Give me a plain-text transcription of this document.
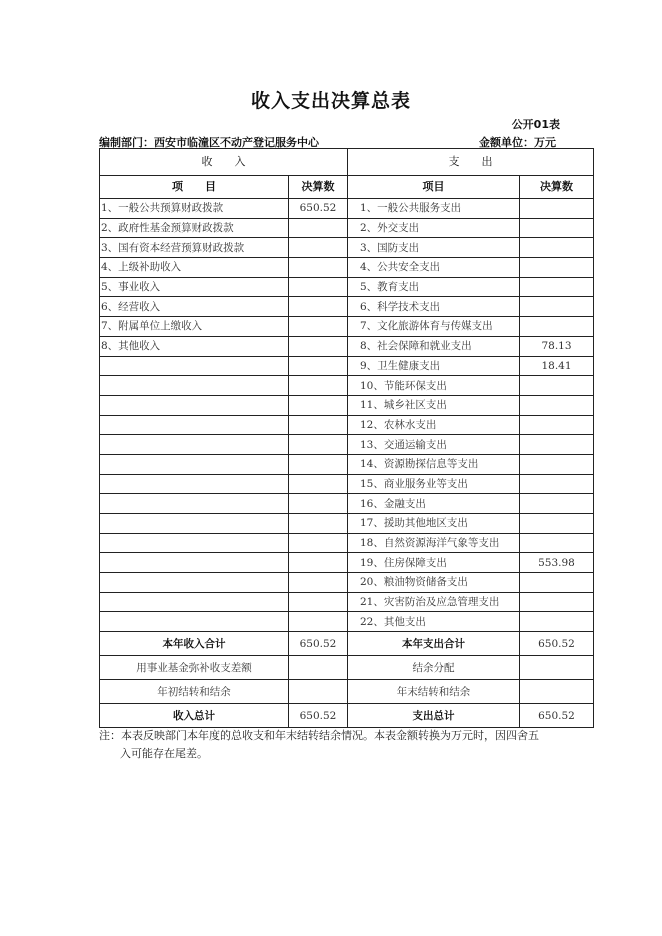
收入支出决算总表
公开01表
编制部门：西安市临潼区不动产登记服务中心	金额单位：万元
收　　入		支　　出	
项　　目	决算数	项目	决算数
1、一般公共预算财政拨款	650.52	1、一般公共服务支出	
2、政府性基金预算财政拨款		2、外交支出	
3、国有资本经营预算财政拨款		3、国防支出	
4、上级补助收入		4、公共安全支出	
5、事业收入		5、教育支出	
6、经营收入		6、科学技术支出	
7、附属单位上缴收入		7、文化旅游体育与传媒支出	
8、其他收入		8、社会保障和就业支出	78.13
		9、卫生健康支出	18.41
		10、节能环保支出	
		11、城乡社区支出	
		12、农林水支出	
		13、交通运输支出	
		14、资源勘探信息等支出	
		15、商业服务业等支出	
		16、金融支出	
		17、援助其他地区支出	
		18、自然资源海洋气象等支出	
		19、住房保障支出	553.98
		20、粮油物资储备支出	
		21、灾害防治及应急管理支出	
		22、其他支出	
本年收入合计	650.52	本年支出合计	650.52
用事业基金弥补收支差额		结余分配	
年初结转和结余		年末结转和结余	
收入总计	650.52	支出总计	650.52
注：本表反映部门本年度的总收支和年末结转结余情况。本表金额转换为万元时，因四舍五
入可能存在尾差。
